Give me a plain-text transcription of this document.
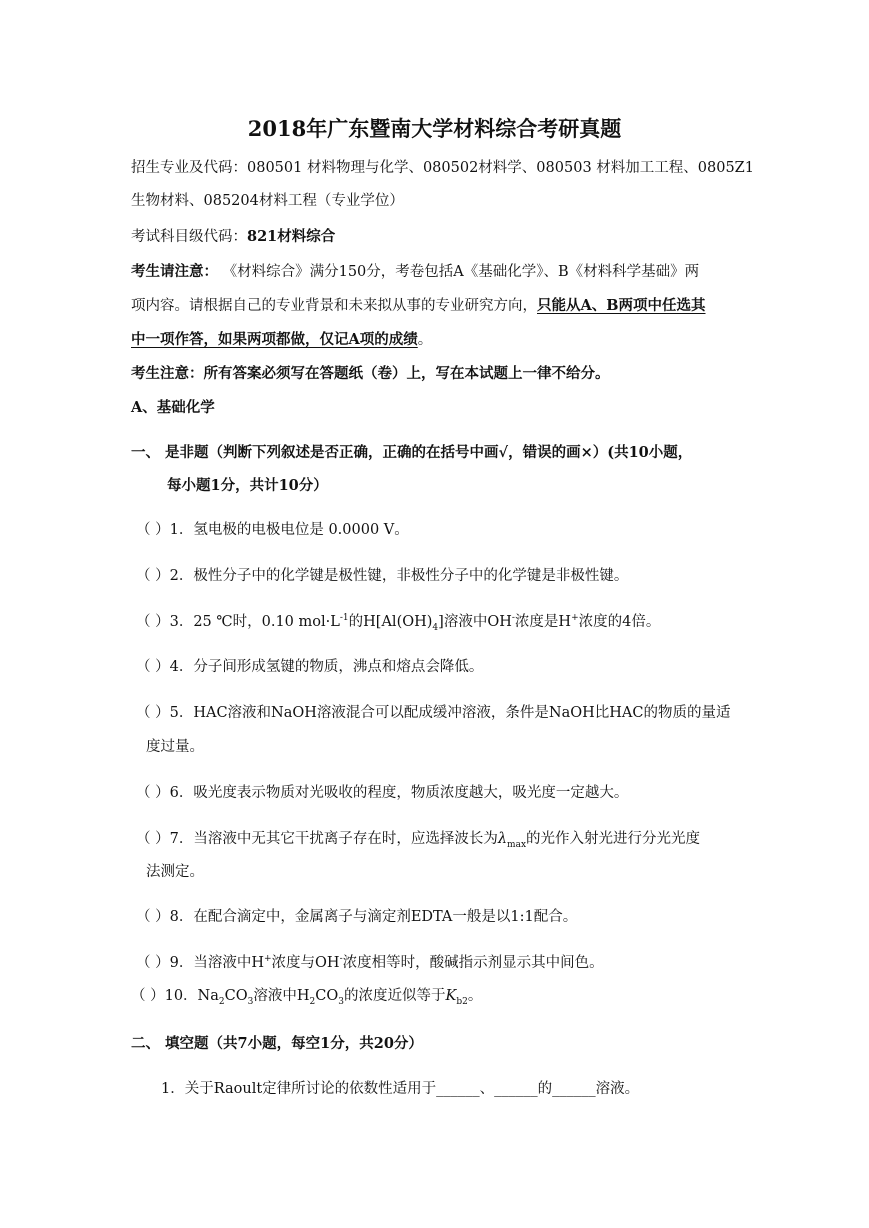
2018年广东暨南大学材料综合考研真题
招生专业及代码：080501 材料物理与化学、080502材料学、080503 材料加工工程、0805Z1
生物材料、085204材料工程（专业学位）
考试科目级代码：821材料综合
考生请注意： 《材料综合》满分150分，考卷包括A《基础化学》、B《材料科学基础》两
项内容。请根据自己的专业背景和未来拟从事的专业研究方向，只能从A、B两项中任选其
中一项作答，如果两项都做，仅记A项的成绩。
考生注意：所有答案必须写在答题纸（卷）上，写在本试题上一律不给分。
A、基础化学
一、 是非题（判断下列叙述是否正确，正确的在括号中画√，错误的画×）(共10小题，
每小题1分，共计10分）
（ ）1．氢电极的电极电位是 0.0000 V。
（ ）2．极性分子中的化学键是极性键，非极性分子中的化学键是非极性键。
（ ）3．25 ℃时，0.10 $mol\cdot L^{-1}$的$H[Al(OH)_4]$溶液中OH-浓度是H+浓度的4倍。
（ ）4．分子间形成氢键的物质，沸点和熔点会降低。
（ ）5．HAC溶液和NaOH溶液混合可以配成缓冲溶液，条件是NaOH比HAC的物质的量适
度过量。
（ ）6．吸光度表示物质对光吸收的程度，物质浓度越大，吸光度一定越大。
（ ）7．当溶液中无其它干扰离子存在时，应选择波长为$\lambda_{max}$的光作入射光进行分光光度
法测定。
（ ）8．在配合滴定中，金属离子与滴定剂EDTA一般是以1:1配合。
（ ）9．当溶液中H+浓度与OH-浓度相等时，酸碱指示剂显示其中间色。
（ ）10．$Na_2CO_3$溶液中$H_2CO_3$的浓度近似等于$K_{b2}$。
二、 填空题（共7小题，每空1分，共20分）
1．关于Raoult定律所讨论的依数性适用于______、______的______溶液。
